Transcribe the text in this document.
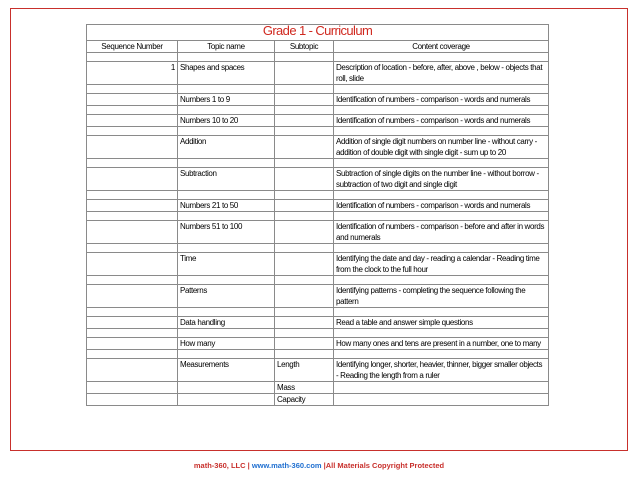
Grade 1 - Curriculum			
Sequence Number	Topic name	Subtopic	Content coverage

1	Shapes and spaces		Description of location - before, after, above , below - objects that roll, slide

	Numbers 1 to 9		Identification of numbers - comparison - words and numerals

	Numbers 10 to 20		Identification of numbers - comparison - words and numerals

	Addition		Addition of single digit numbers on number line - without carry - addition of double digit with single digit - sum up to 20

	Subtraction		Subtraction of single digits on the number line - without borrow - subtraction of two digit and single digit

	Numbers 21 to 50		Identification of numbers - comparison - words and numerals

	Numbers 51 to 100		Identification of numbers - comparison - before and after in words and numerals

	Time		Identifying the date and day - reading a calendar - Reading time from the clock to the full hour

	Patterns		Identifying patterns - completing the sequence following the pattern

	Data handling		Read a table and answer simple questions

	How many		How many ones and tens are present in a number, one to many

	Measurements	Length	Identifying longer, shorter, heavier, thinner, bigger smaller objects - Reading the length from a ruler
		Mass	
		Capacity	
math-360, LLC | www.math-360.com |All Materials Copyright Protected
